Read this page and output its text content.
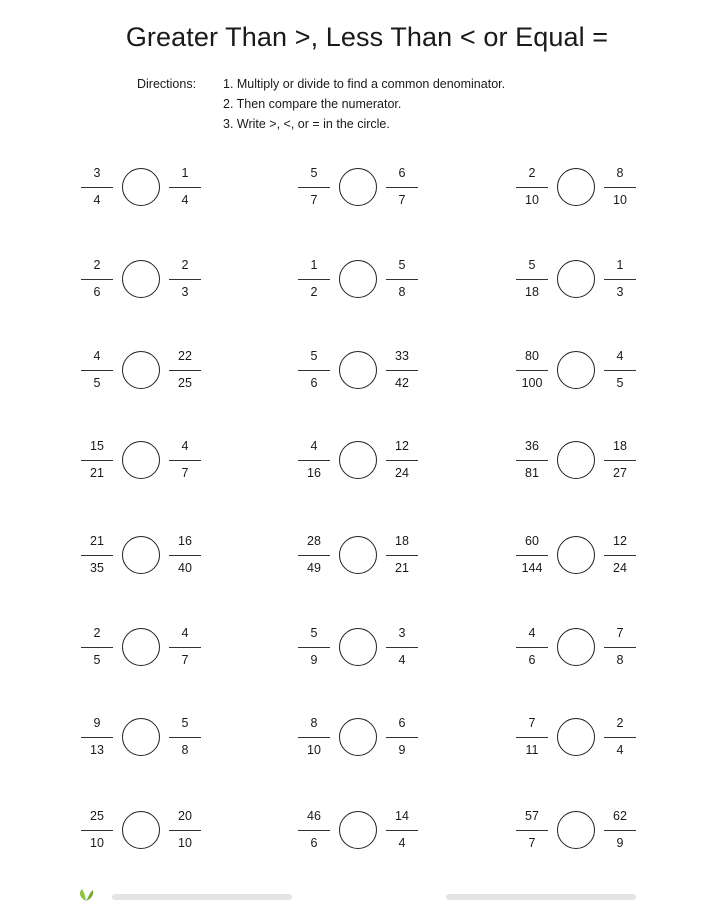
Greater Than >, Less Than < or Equal =
Directions: 1. Multiply or divide to find a common denominator.
2. Then compare the numerator.
3. Write >, <, or = in the circle.
3
4
1
4
5
7
6
7
2
10
8
10
2
6
2
3
1
2
5
8
5
18
1
3
4
5
22
25
5
6
33
42
80
100
4
5
15
21
4
7
4
16
12
24
36
81
18
27
21
35
16
40
28
49
18
21
60
144
12
24
2
5
4
7
5
9
3
4
4
6
7
8
9
13
5
8
8
10
6
9
7
11
2
4
25
10
20
10
46
6
14
4
57
7
62
9
